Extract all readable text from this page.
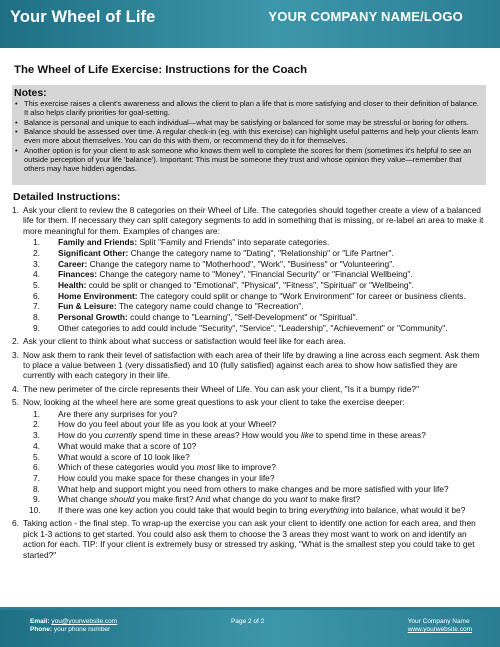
Your Wheel of Life	YOUR COMPANY NAME/LOGO
The Wheel of Life Exercise: Instructions for the Coach
Notes:
• This exercise raises a client's awareness and allows the client to plan a life that is more satisfying and closer to their definition of balance. It also helps clarify priorities for goal-setting.
• Balance is personal and unique to each individual—what may be satisfying or balanced for some may be stressful or boring for others.
• Balance should be assessed over time. A regular check-in (eg. with this exercise) can highlight useful patterns and help your clients learn even more about themselves. You can do this with them, or recommend they do it for themselves.
• Another option is for your client to ask someone who knows them well to complete the scores for them (sometimes it's helpful to see an outside perception of your life 'balance'). Important: This must be someone they trust and whose opinion they value—remember that others may have hidden agendas.
Detailed Instructions:
1. Ask your client to review the 8 categories on their Wheel of Life. The categories should together create a view of a balanced life for them. If necessary they can split category segments to add in something that is missing, or re-label an area to make it more meaningful for them. Examples of changes are:
1. Family and Friends: Split "Family and Friends" into separate categories.
2. Significant Other: Change the category name to "Dating", "Relationship" or "Life Partner".
3. Career: Change the category name to "Motherhood", "Work", "Business" or "Volunteering".
4. Finances: Change the category name to "Money", "Financial Security" or "Financial Wellbeing".
5. Health: could be split or changed to "Emotional", "Physical", "Fitness", "Spiritual" or "Wellbeing".
6. Home Environment: The category could split or change to "Work Environment" for career or business clients.
7. Fun & Leisure: The category name could change to "Recreation".
8. Personal Growth: could change to "Learning", "Self-Development" or "Spiritual".
9. Other categories to add could include "Security", "Service", "Leadership", "Achievement" or "Community".
2. Ask your client to think about what success or satisfaction would feel like for each area.
3. Now ask them to rank their level of satisfaction with each area of their life by drawing a line across each segment. Ask them to place a value between 1 (very dissatisfied) and 10 (fully satisfied) against each area to show how satisfied they are currently with each category in their life.
4. The new perimeter of the circle represents their Wheel of Life. You can ask your client, "Is it a bumpy ride?"
5. Now, looking at the wheel here are some great questions to ask your client to take the exercise deeper:
1. Are there any surprises for you?
2. How do you feel about your life as you look at your Wheel?
3. How do you currently spend time in these areas? How would you like to spend time in these areas?
4. What would make that a score of 10?
5. What would a score of 10 look like?
6. Which of these categories would you most like to improve?
7. How could you make space for these changes in your life?
8. What help and support might you need from others to make changes and be more satisfied with your life?
9. What change should you make first? And what change do you want to make first?
10. If there was one key action you could take that would begin to bring everything into balance, what would it be?
6. Taking action - the final step. To wrap-up the exercise you can ask your client to identify one action for each area, and then pick 1-3 actions to get started. You could also ask them to choose the 3 areas they most want to work on and identify an action for each. TIP: If your client is extremely busy or stressed try asking, "What is the smallest step you could take to get started?"
Email: you@yourwebsite.com
Phone: your phone number
Page 2 of 2	Your Company Name
www.yourwebsite.com
